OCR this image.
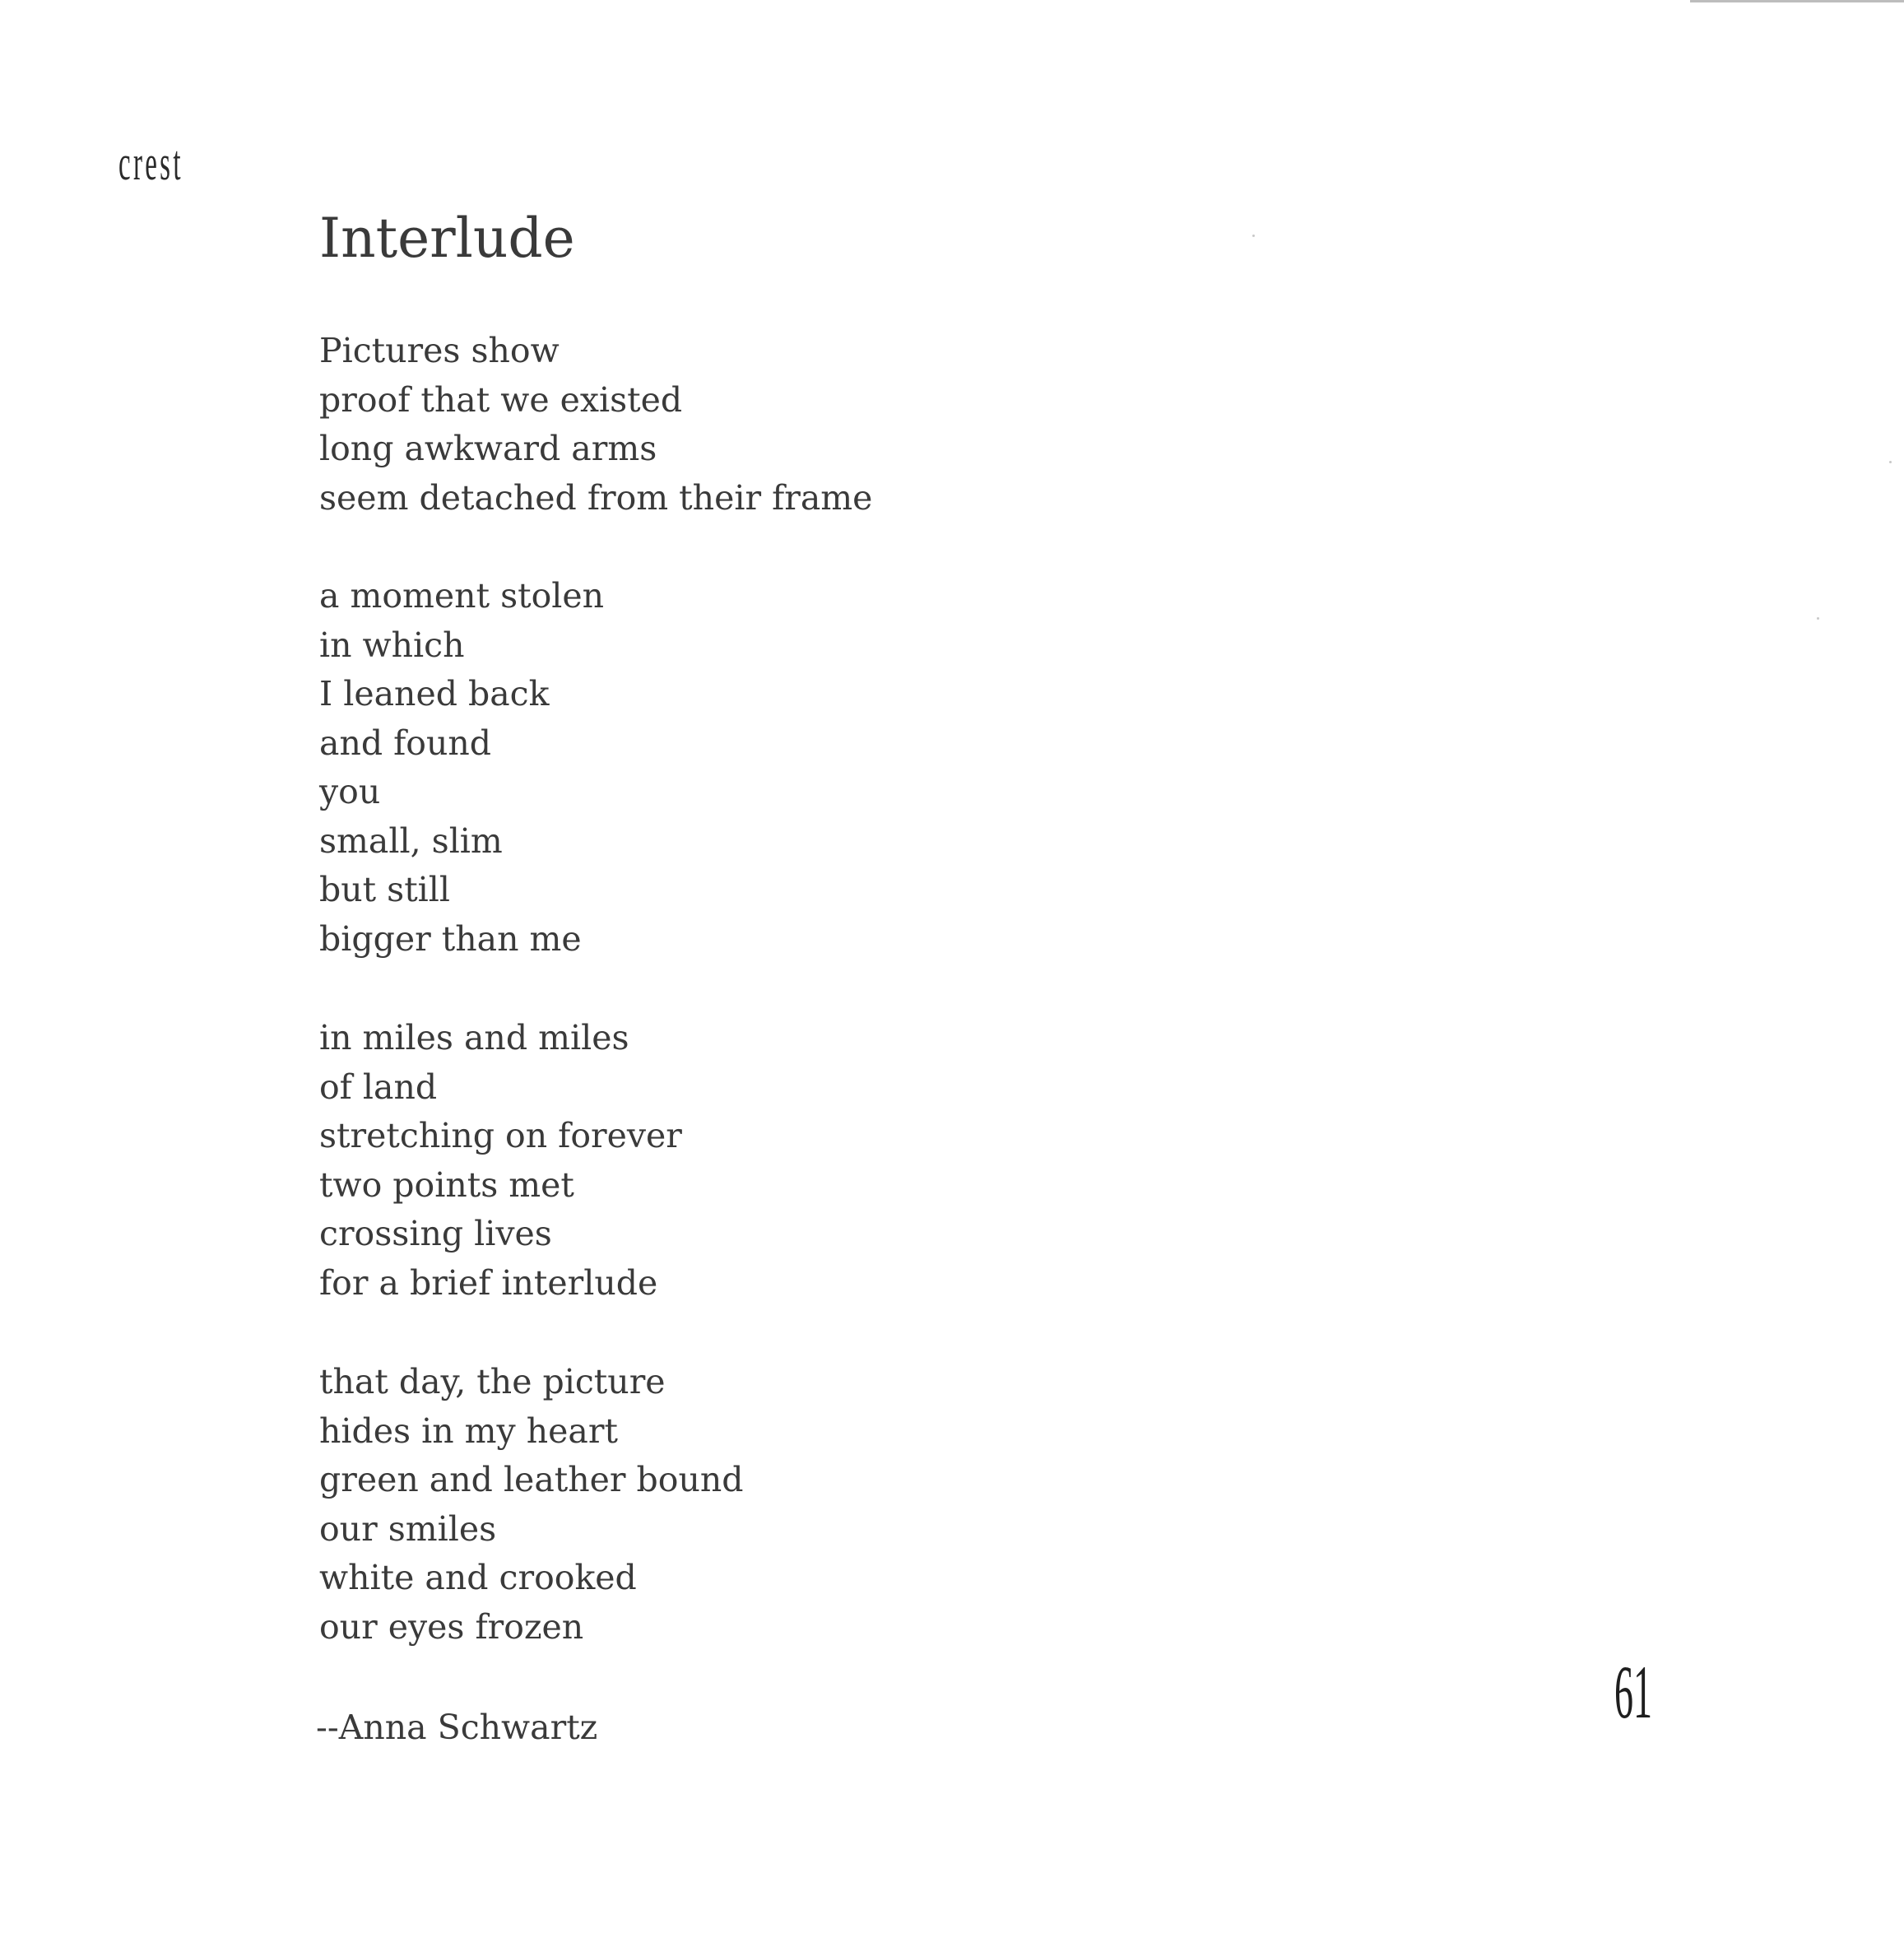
crest

Interlude
Pictures show
proof that we existed
long awkward arms
seem detached from their frame
a moment stolen
in which
I leaned back
and found
you
small, slim
but still
bigger than me
in miles and miles
of land
stretching on forever
two points met
crossing lives
for a brief interlude
that day, the picture
hides in my heart
green and leather bound
our smiles
white and crooked
our eyes frozen

--Anna Schwartz	61
